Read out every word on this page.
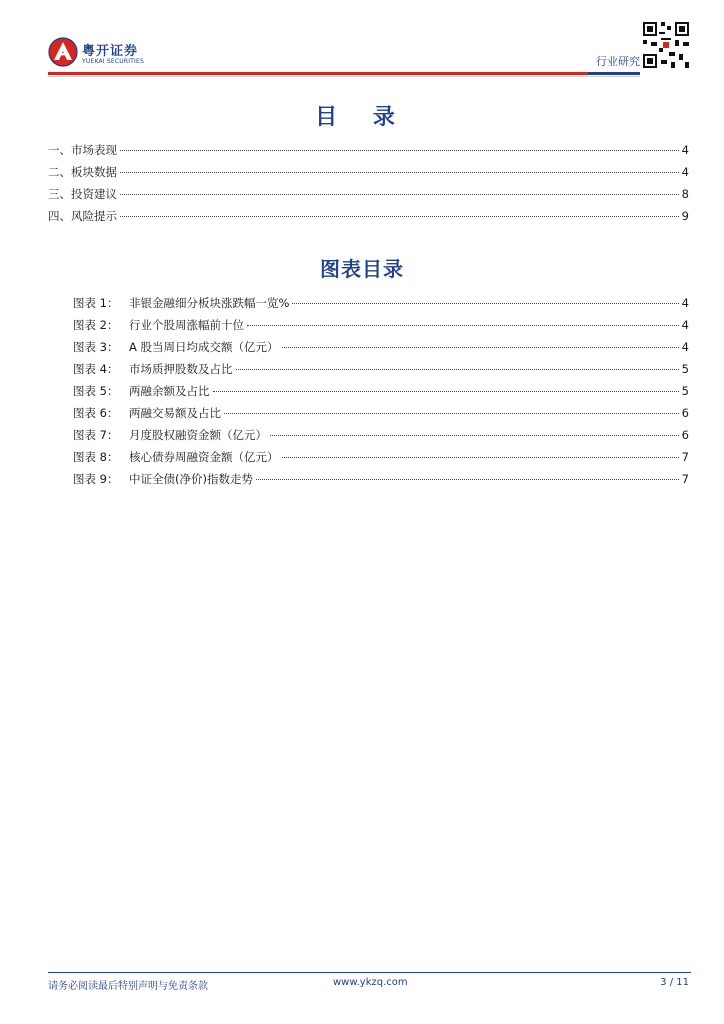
粤开证券
YUEKAI SECURITIES	行业研究
目 录
一、市场表现	4
二、板块数据	4
三、投资建议	8
四、风险提示	9
图表目录
图表 1： 非银金融细分板块涨跌幅一览%	4
图表 2： 行业个股周涨幅前十位	4
图表 3： A 股当周日均成交额（亿元）	4
图表 4： 市场质押股数及占比	5
图表 5： 两融余额及占比	5
图表 6： 两融交易额及占比	6
图表 7： 月度股权融资金额（亿元）	6
图表 8： 核心债券周融资金额（亿元）	7
图表 9： 中证全债(净价)指数走势	7
请务必阅读最后特别声明与免责条款	www.ykzq.com	3 / 11
